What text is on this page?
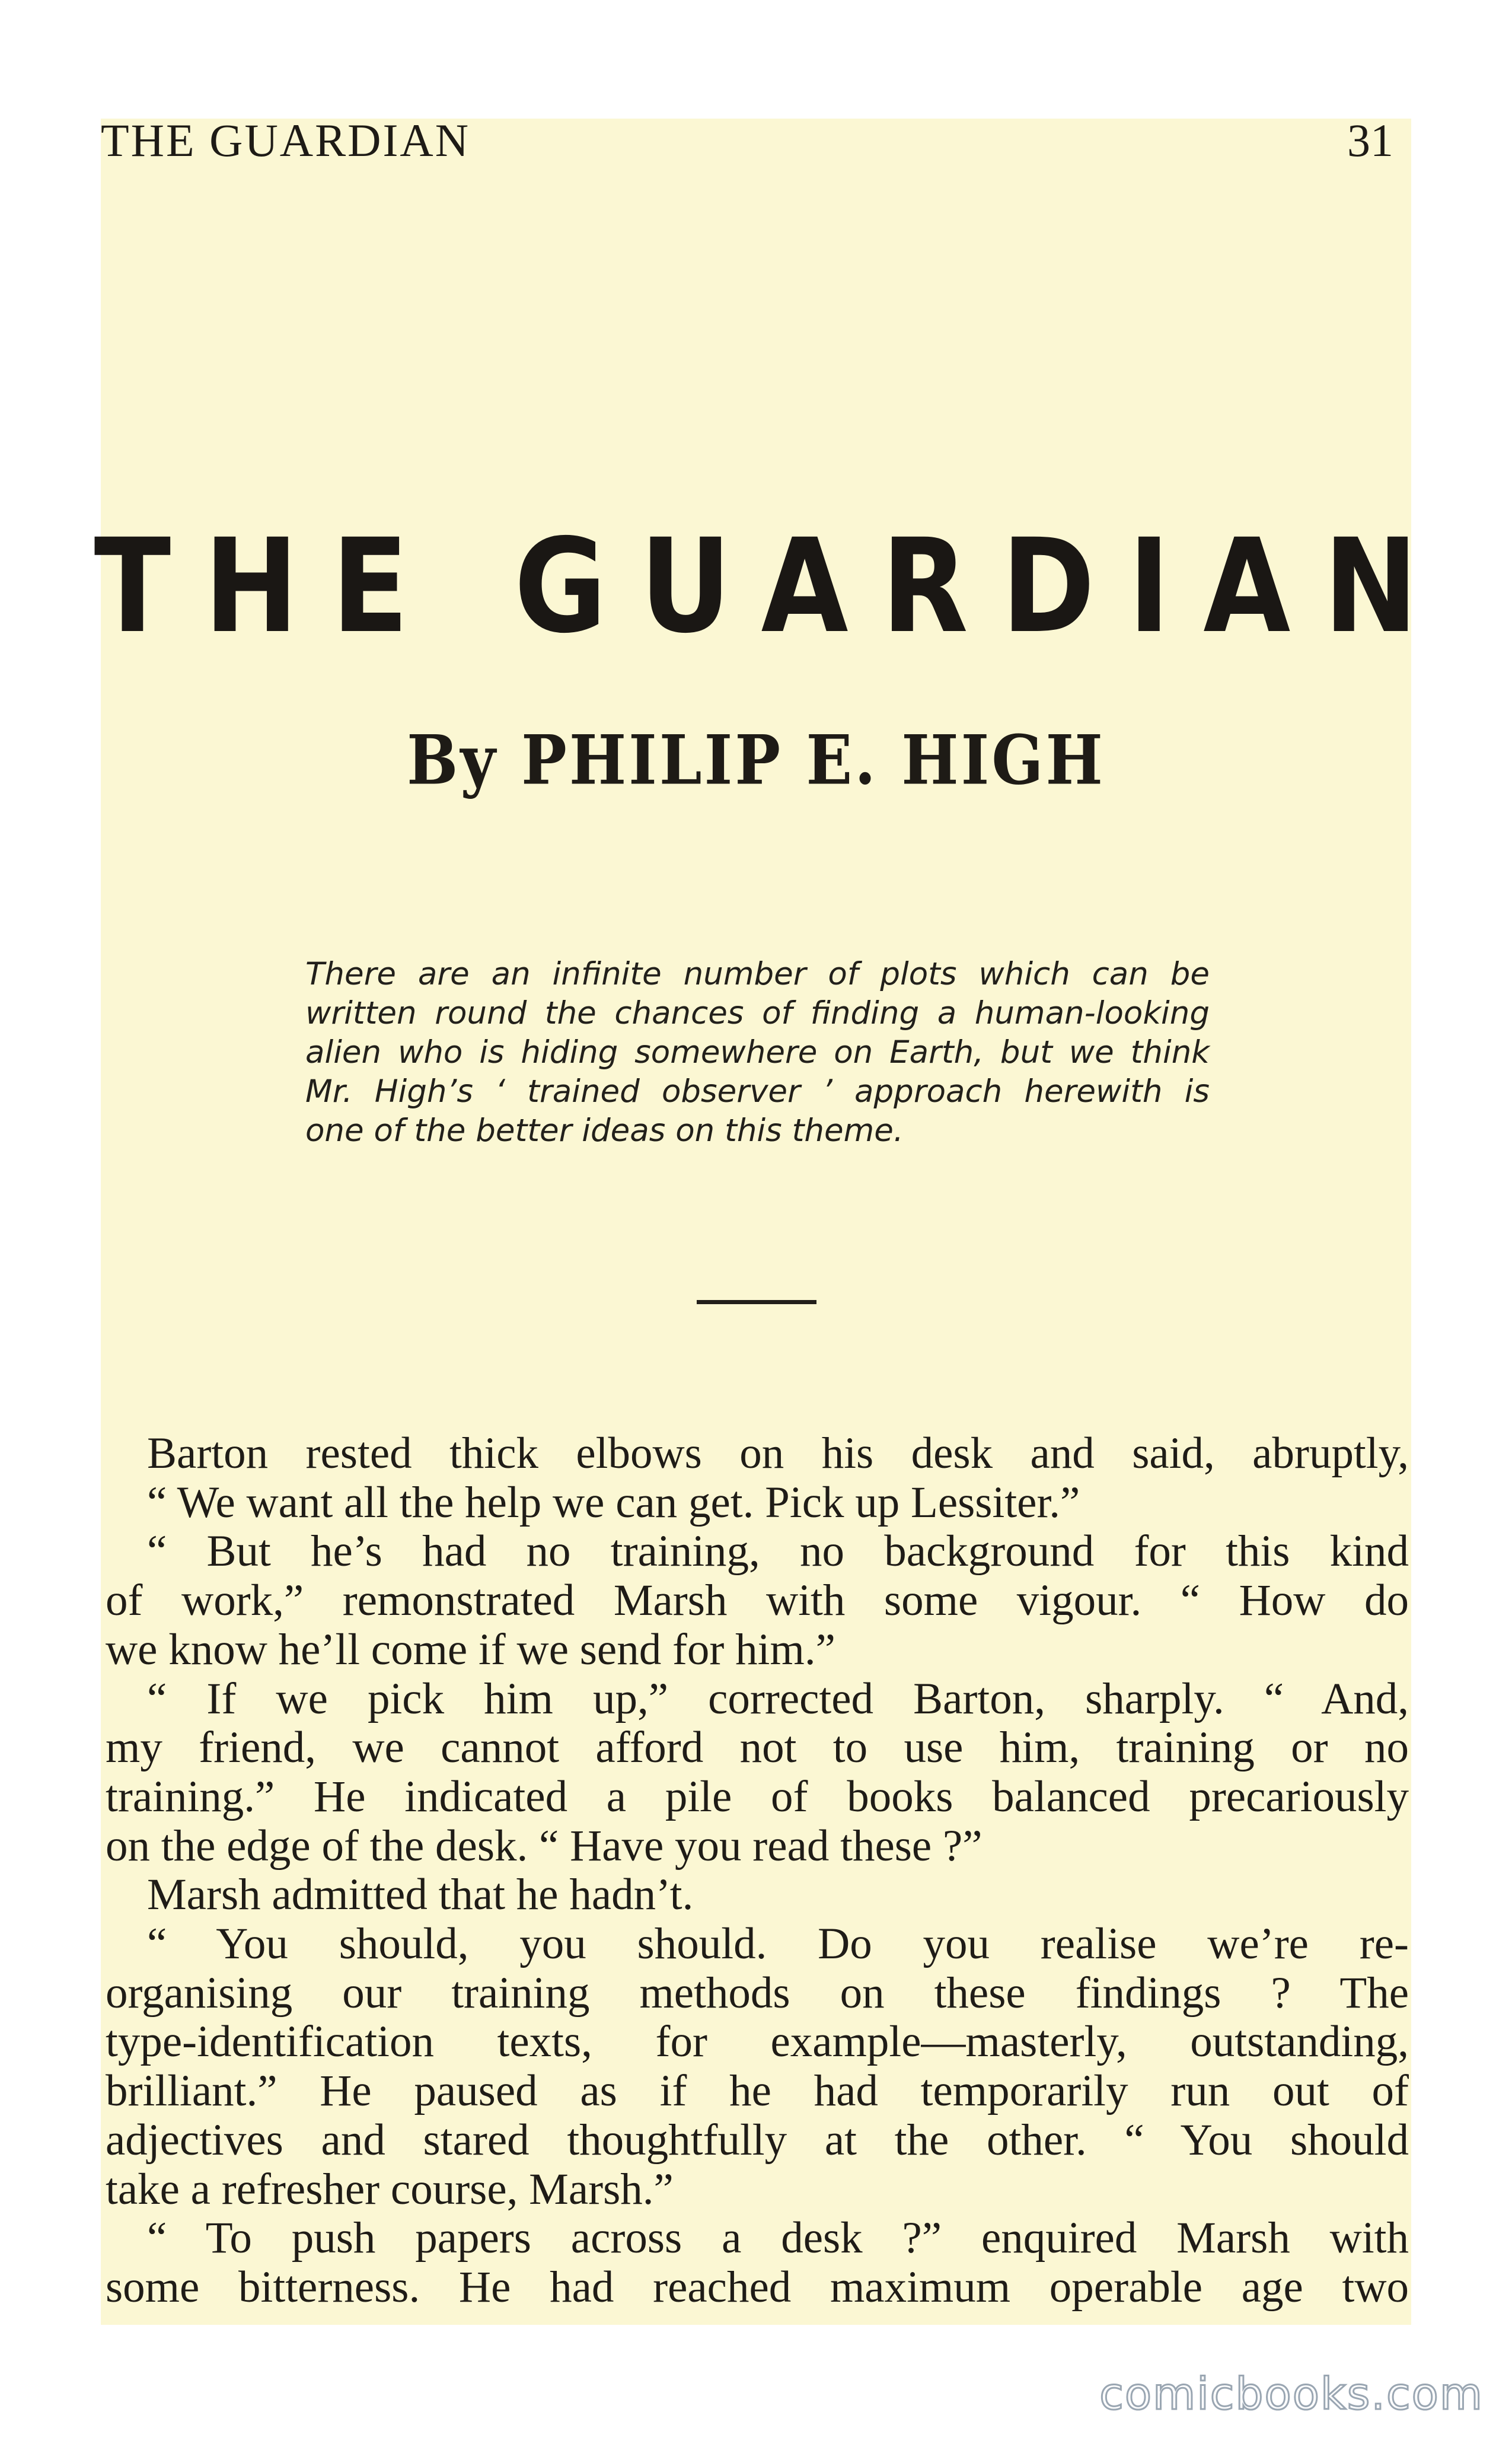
THE GUARDIAN	31
THE GUARDIAN
By PHILIP E. HIGH
There are an infinite number of plots which can be
written round the chances of finding a human-looking
alien who is hiding somewhere on Earth, but we think
Mr. High’s ‘ trained observer ’ approach herewith is
one of the better ideas on this theme.
Barton rested thick elbows on his desk and said, abruptly,
“ We want all the help we can get. Pick up Lessiter.”
“ But he’s had no training, no background for this kind
of work,” remonstrated Marsh with some vigour. “ How do
we know he’ll come if we send for him.”
“ If we pick him up,” corrected Barton, sharply. “ And,
my friend, we cannot afford not to use him, training or no
training.” He indicated a pile of books balanced precariously
on the edge of the desk. “ Have you read these ?”
Marsh admitted that he hadn’t.
“ You should, you should. Do you realise we’re re-
organising our training methods on these findings ? The
type-identification texts, for example—masterly, outstanding,
brilliant.” He paused as if he had temporarily run out of
adjectives and stared thoughtfully at the other. “ You should
take a refresher course, Marsh.”
“ To push papers across a desk ?” enquired Marsh with
some bitterness. He had reached maximum operable age two
comicbooks.com
